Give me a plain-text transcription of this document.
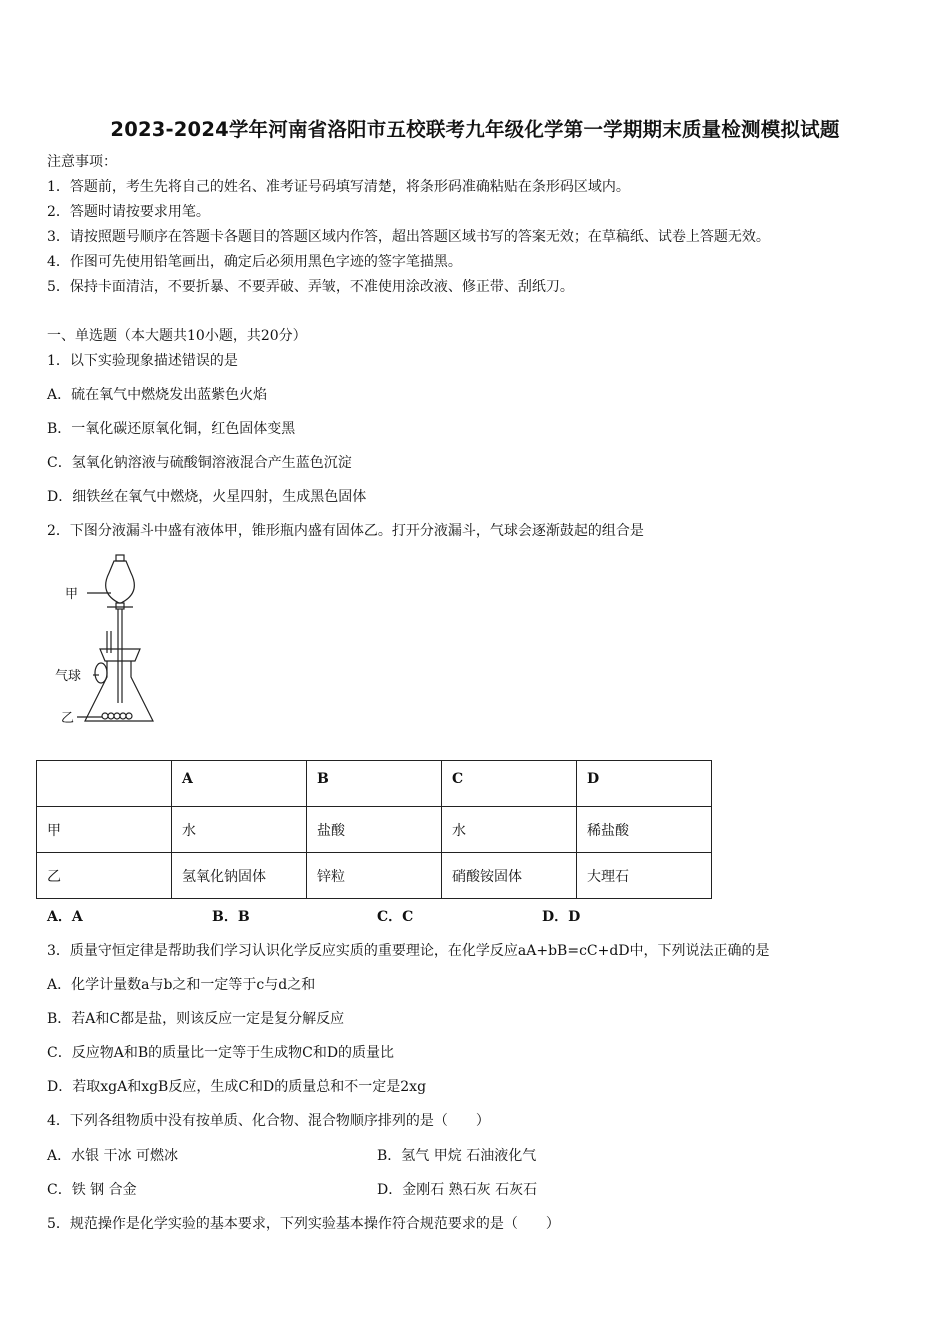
2023-2024学年河南省洛阳市五校联考九年级化学第一学期期末质量检测模拟试题
注意事项：
1．答题前，考生先将自己的姓名、准考证号码填写清楚，将条形码准确粘贴在条形码区域内。
2．答题时请按要求用笔。
3．请按照题号顺序在答题卡各题目的答题区域内作答，超出答题区域书写的答案无效；在草稿纸、试卷上答题无效。
4．作图可先使用铅笔画出，确定后必须用黑色字迹的签字笔描黑。
5．保持卡面清洁，不要折暴、不要弄破、弄皱，不准使用涂改液、修正带、刮纸刀。
一、单选题（本大题共10小题，共20分）
1．以下实验现象描述错误的是
A．硫在氧气中燃烧发出蓝紫色火焰
B．一氧化碳还原氧化铜，红色固体变黑
C．氢氧化钠溶液与硫酸铜溶液混合产生蓝色沉淀
D．细铁丝在氧气中燃烧，火星四射，生成黑色固体
2．下图分液漏斗中盛有液体甲，锥形瓶内盛有固体乙。打开分液漏斗，气球会逐渐鼓起的组合是
甲
气球
乙
	A	B	C	D
甲	水	盐酸	水	稀盐酸
乙	氢氧化钠固体	锌粒	硝酸铵固体	大理石
A．A	B．B	C．C	D．D
3．质量守恒定律是帮助我们学习认识化学反应实质的重要理论，在化学反应aA+bB=cC+dD中，下列说法正确的是
A．化学计量数a与b之和一定等于c与d之和
B．若A和C都是盐，则该反应一定是复分解反应
C．反应物A和B的质量比一定等于生成物C和D的质量比
D．若取xgA和xgB反应，生成C和D的质量总和不一定是2xg
4．下列各组物质中没有按单质、化合物、混合物顺序排列的是（　　）
A．水银 干冰 可燃冰	B．氢气 甲烷 石油液化气
C．铁 钢 合金	D．金刚石 熟石灰 石灰石
5．规范操作是化学实验的基本要求，下列实验基本操作符合规范要求的是（　　）
